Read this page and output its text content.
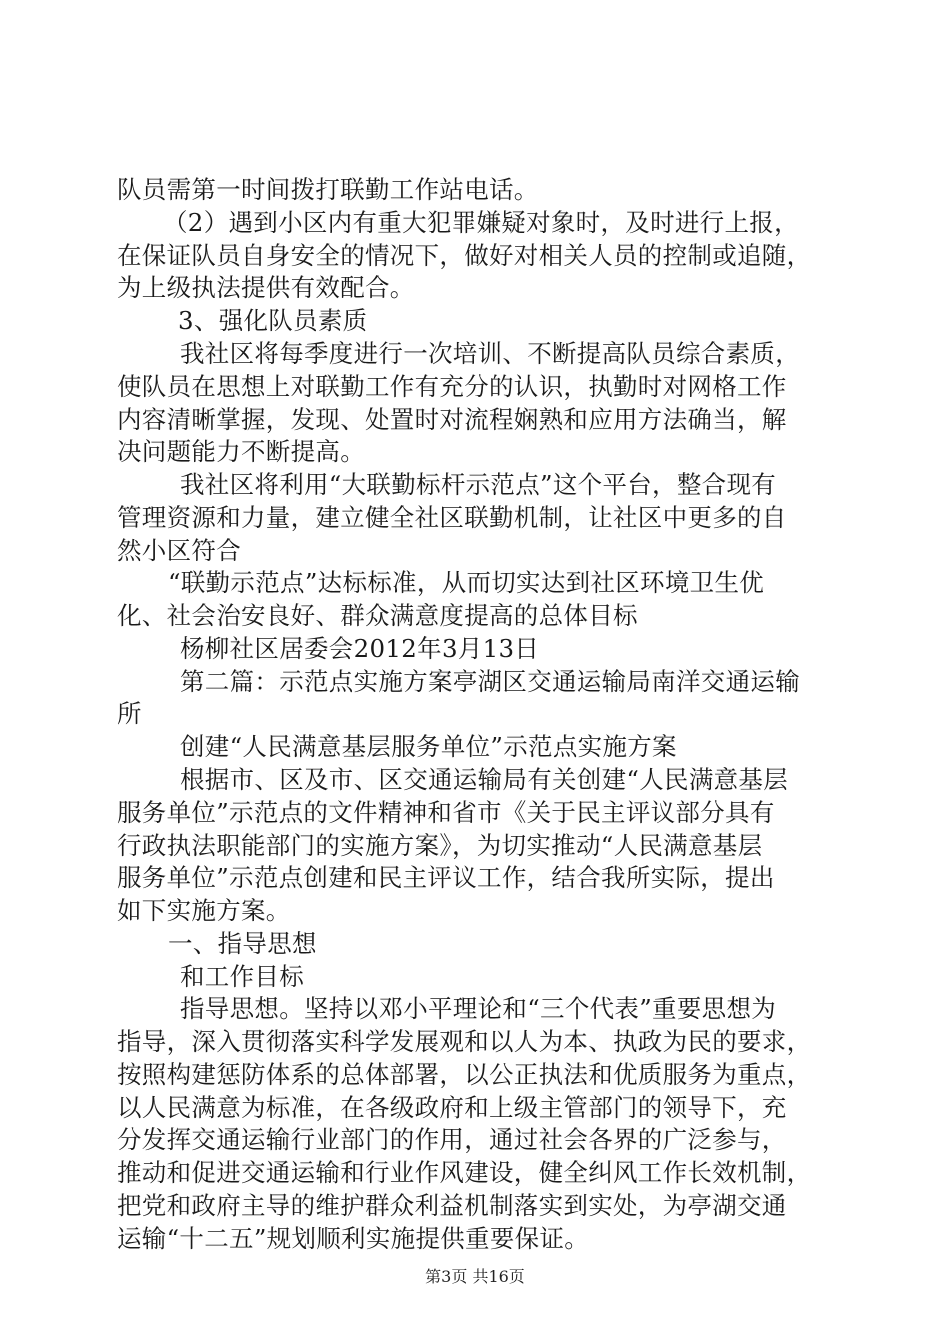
队员需第一时间拨打联勤工作站电话。
（2）遇到小区内有重大犯罪嫌疑对象时，及时进行上报，
在保证队员自身安全的情况下，做好对相关人员的控制或追随，
为上级执法提供有效配合。
3、强化队员素质
我社区将每季度进行一次培训、不断提高队员综合素质，
使队员在思想上对联勤工作有充分的认识，执勤时对网格工作
内容清晰掌握，发现、处置时对流程娴熟和应用方法确当，解
决问题能力不断提高。
我社区将利用“大联勤标杆示范点”这个平台，整合现有
管理资源和力量，建立健全社区联勤机制，让社区中更多的自
然小区符合
“联勤示范点”达标标准，从而切实达到社区环境卫生优
化、社会治安良好、群众满意度提高的总体目标
杨柳社区居委会2012年3月13日
第二篇：示范点实施方案亭湖区交通运输局南洋交通运输
所
创建“人民满意基层服务单位”示范点实施方案
根据市、区及市、区交通运输局有关创建“人民满意基层
服务单位”示范点的文件精神和省市《关于民主评议部分具有
行政执法职能部门的实施方案》，为切实推动“人民满意基层
服务单位”示范点创建和民主评议工作，结合我所实际，提出
如下实施方案。
一、指导思想
和工作目标
指导思想。坚持以邓小平理论和“三个代表”重要思想为
指导，深入贯彻落实科学发展观和以人为本、执政为民的要求，
按照构建惩防体系的总体部署，以公正执法和优质服务为重点，
以人民满意为标准，在各级政府和上级主管部门的领导下，充
分发挥交通运输行业部门的作用，通过社会各界的广泛参与，
推动和促进交通运输和行业作风建设，健全纠风工作长效机制，
把党和政府主导的维护群众利益机制落实到实处，为亭湖交通
运输“十二五”规划顺利实施提供重要保证。
第3页 共16页
